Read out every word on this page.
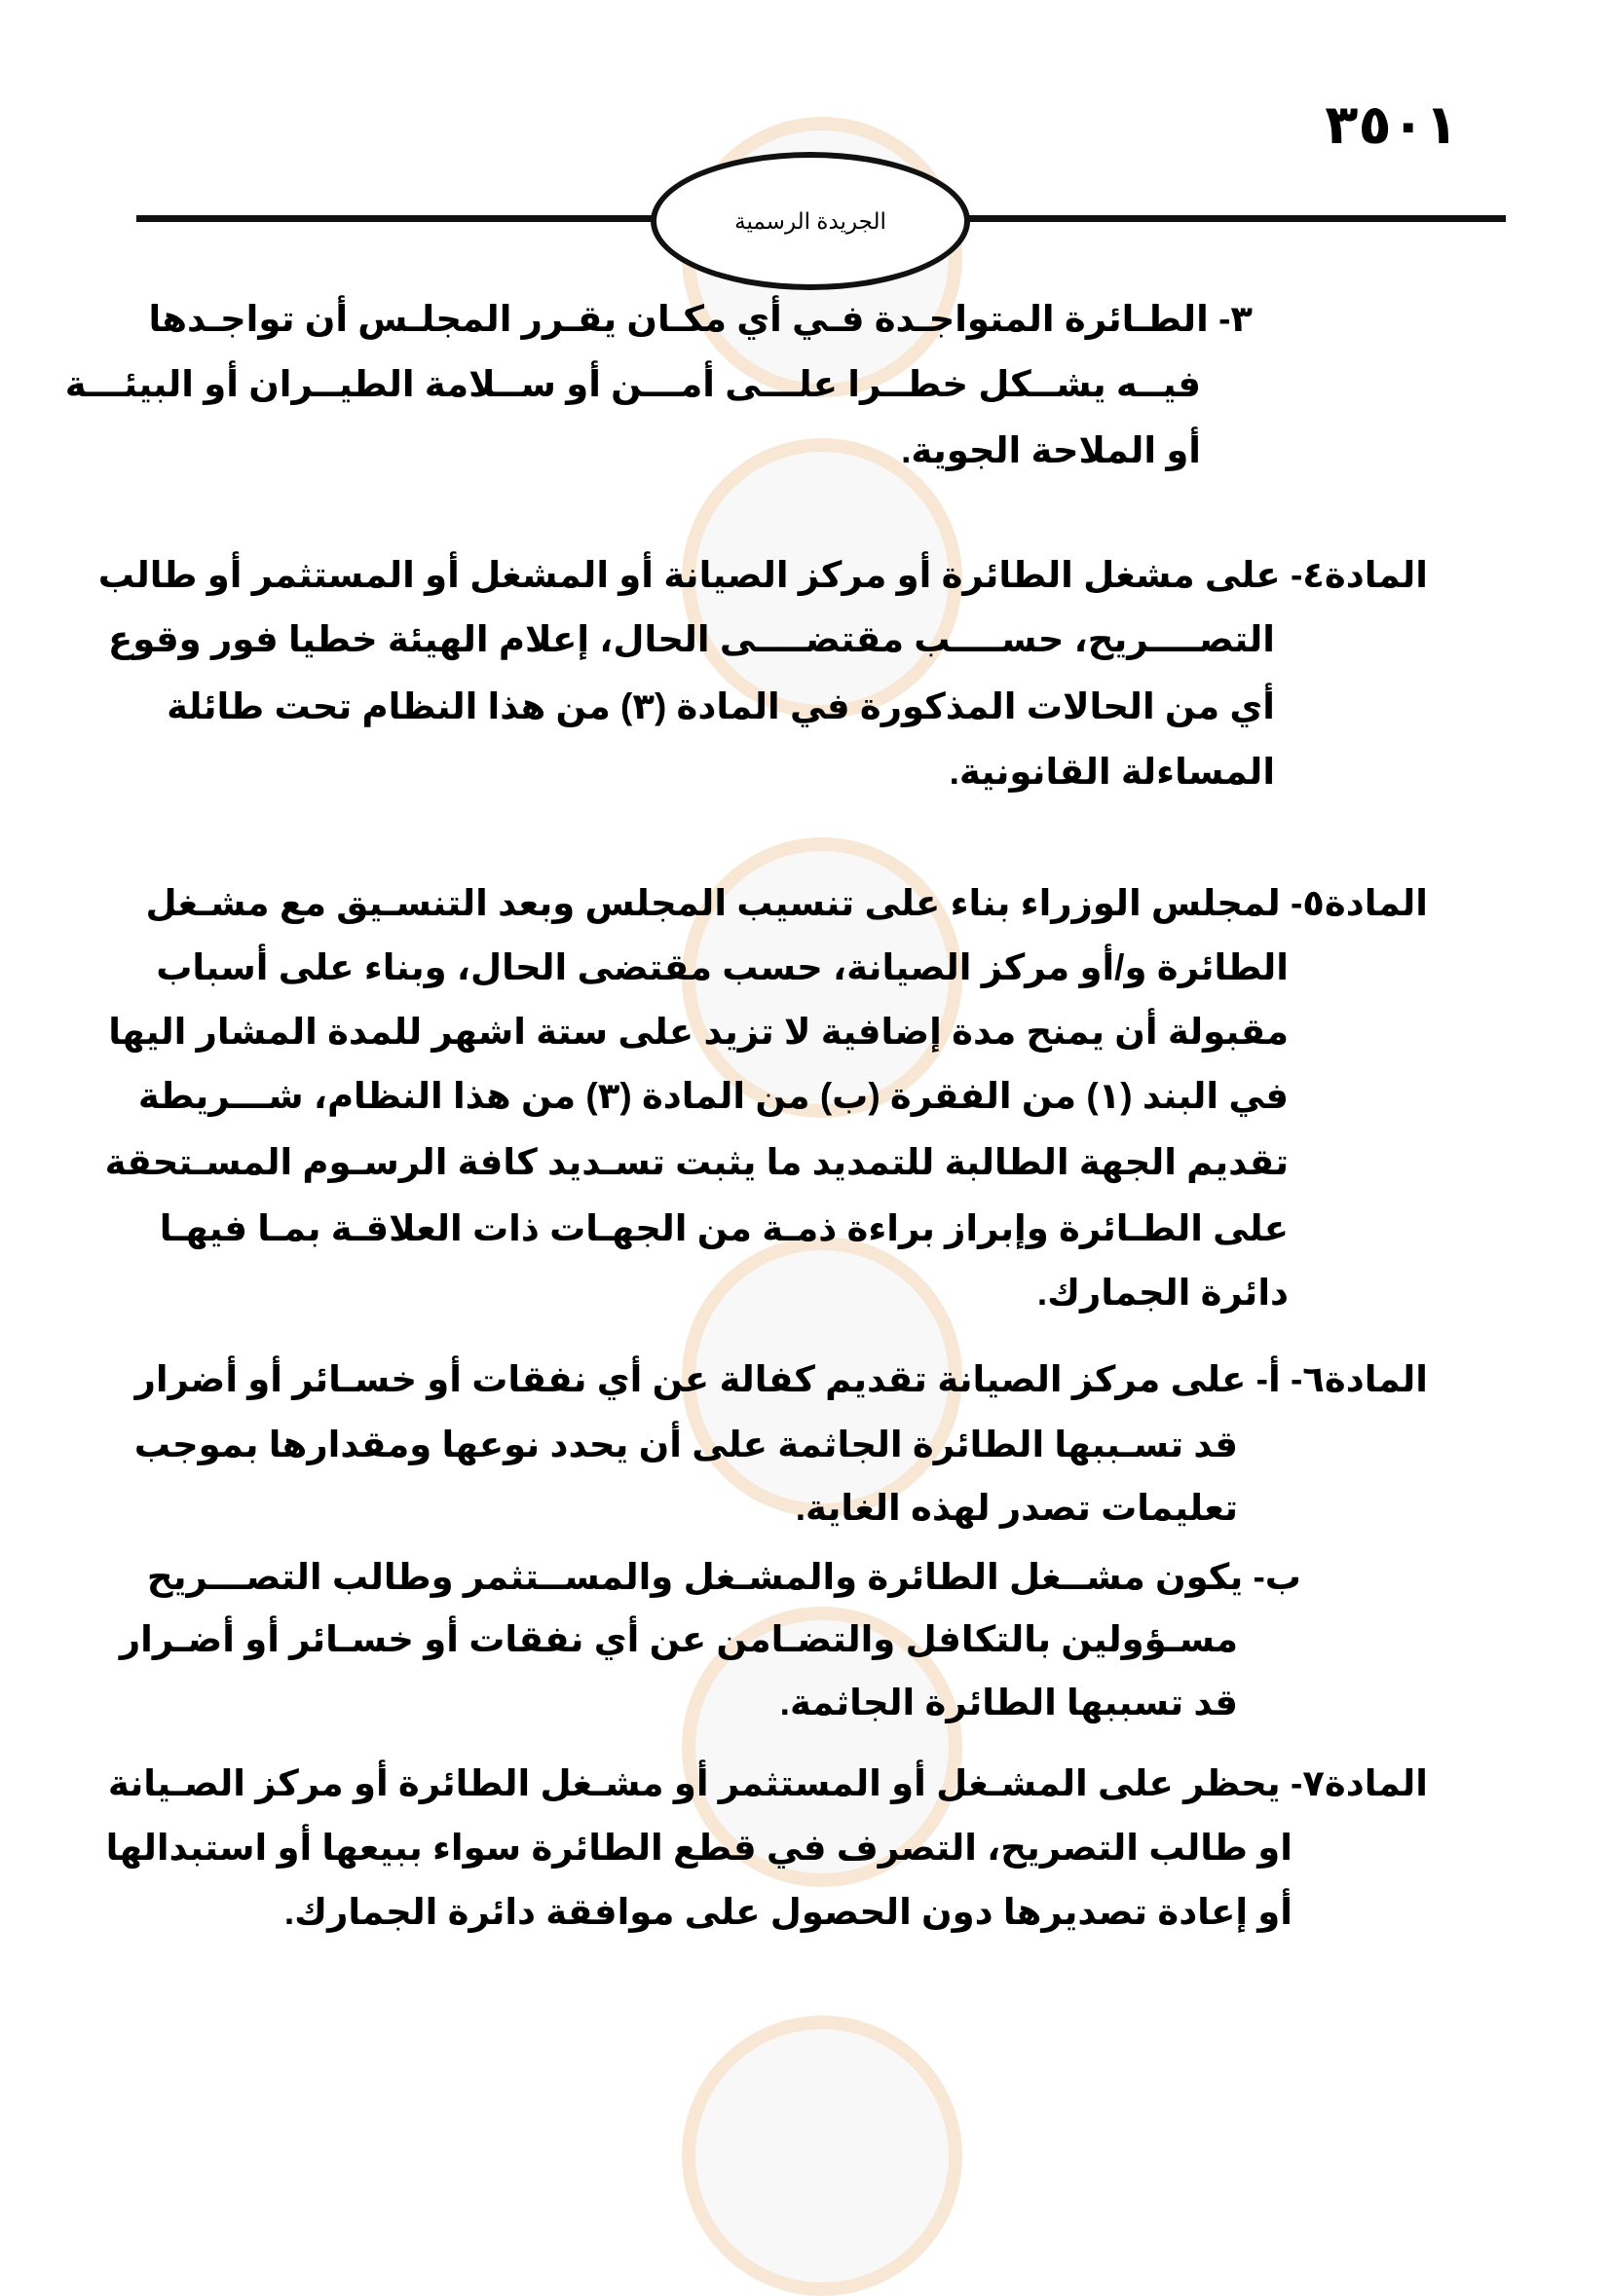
٣٥٠١
الجريدة الرسمية
٣- الطـائرة المتواجـدة فـي أي مكـان يقـرر المجلـس أن تواجـدها
فيــه يشــكل خطــرا علـــى أمـــن أو ســلامة الطيــران أو البيئـــة
أو الملاحة الجوية.
المادة٤- على مشغل الطائرة أو مركز الصيانة أو المشغل أو المستثمر أو طالب
التصــــريح، حســــب مقتضــــى الحال، إعلام الهيئة خطيا فور وقوع
أي من الحالات المذكورة في المادة (٣) من هذا النظام تحت طائلة
المساءلة القانونية.
المادة٥- لمجلس الوزراء بناء على تنسيب المجلس وبعد التنسـيق مع مشـغل
الطائرة و/أو مركز الصيانة، حسب مقتضى الحال، وبناء على أسباب
مقبولة أن يمنح مدة إضافية لا تزيد على ستة اشهر للمدة المشار اليها
في البند (١) من الفقرة (ب) من المادة (٣) من هذا النظام، شـــريطة
تقديم الجهة الطالبة للتمديد ما يثبت تسـديد كافة الرسـوم المسـتحقة
على الطـائرة وإبراز براءة ذمـة من الجهـات ذات العلاقـة بمـا فيهـا
دائرة الجمارك.
المادة٦- أ- على مركز الصيانة تقديم كفالة عن أي نفقات أو خسـائر أو أضرار
قد تسـببها الطائرة الجاثمة على أن يحدد نوعها ومقدارها بموجب
تعليمات تصدر لهذه الغاية.
ب- يكون مشــغل الطائرة والمشـغل والمســتثمر وطالب التصـــريح
مسـؤولين بالتكافل والتضـامن عن أي نفقات أو خسـائر أو أضـرار
قد تسببها الطائرة الجاثمة.
المادة٧- يحظر على المشـغل أو المستثمر أو مشـغل الطائرة أو مركز الصـيانة
او طالب التصريح، التصرف في قطع الطائرة سواء ببيعها أو استبدالها
أو إعادة تصديرها دون الحصول على موافقة دائرة الجمارك.
